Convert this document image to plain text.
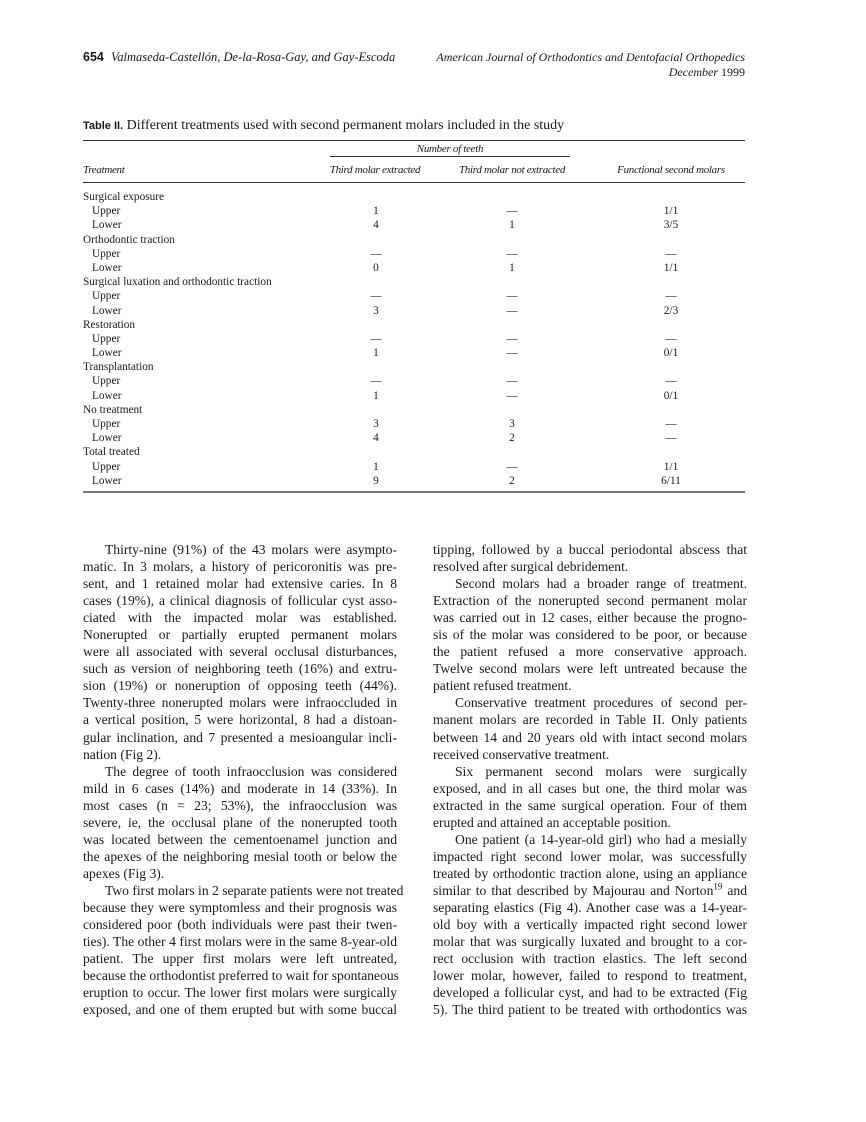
654 Valmaseda-Castellón, De-la-Rosa-Gay, and Gay-Escoda	American Journal of Orthodontics and Dentofacial Orthopedics
December 1999
Table II. Different treatments used with second permanent molars included in the study
Number of teeth
Treatment	Third molar extracted	Third molar not extracted	Functional second molars
Surgical exposure
Upper	1	—	1/1
Lower	4	1	3/5
Orthodontic traction
Upper	—	—	—
Lower	0	1	1/1
Surgical luxation and orthodontic traction
Upper	—	—	—
Lower	3	—	2/3
Restoration
Upper	—	—	—
Lower	1	—	0/1
Transplantation
Upper	—	—	—
Lower	1	—	0/1
No treatment
Upper	3	3	—
Lower	4	2	—
Total treated
Upper	1	—	1/1
Lower	9	2	6/11
Thirty-nine (91%) of the 43 molars were asympto-
matic. In 3 molars, a history of pericoronitis was pre-
sent, and 1 retained molar had extensive caries. In 8
cases (19%), a clinical diagnosis of follicular cyst asso-
ciated with the impacted molar was established.
Nonerupted or partially erupted permanent molars
were all associated with several occlusal disturbances,
such as version of neighboring teeth (16%) and extru-
sion (19%) or noneruption of opposing teeth (44%).
Twenty-three nonerupted molars were infraoccluded in
a vertical position, 5 were horizontal, 8 had a distoan-
gular inclination, and 7 presented a mesioangular incli-
nation (Fig 2).
The degree of tooth infraocclusion was considered
mild in 6 cases (14%) and moderate in 14 (33%). In
most cases (n = 23; 53%), the infraocclusion was
severe, ie, the occlusal plane of the nonerupted tooth
was located between the cementoenamel junction and
the apexes of the neighboring mesial tooth or below the
apexes (Fig 3).
Two first molars in 2 separate patients were not treated
because they were symptomless and their prognosis was
considered poor (both individuals were past their twen-
ties). The other 4 first molars were in the same 8-year-old
patient. The upper first molars were left untreated,
because the orthodontist preferred to wait for spontaneous
eruption to occur. The lower first molars were surgically
exposed, and one of them erupted but with some buccal
tipping, followed by a buccal periodontal abscess that
resolved after surgical debridement.
Second molars had a broader range of treatment.
Extraction of the nonerupted second permanent molar
was carried out in 12 cases, either because the progno-
sis of the molar was considered to be poor, or because
the patient refused a more conservative approach.
Twelve second molars were left untreated because the
patient refused treatment.
Conservative treatment procedures of second per-
manent molars are recorded in Table II. Only patients
between 14 and 20 years old with intact second molars
received conservative treatment.
Six permanent second molars were surgically
exposed, and in all cases but one, the third molar was
extracted in the same surgical operation. Four of them
erupted and attained an acceptable position.
One patient (a 14-year-old girl) who had a mesially
impacted right second lower molar, was successfully
treated by orthodontic traction alone, using an appliance
similar to that described by Majourau and Norton$^{19}$ and
separating elastics (Fig 4). Another case was a 14-year-
old boy with a vertically impacted right second lower
molar that was surgically luxated and brought to a cor-
rect occlusion with traction elastics. The left second
lower molar, however, failed to respond to treatment,
developed a follicular cyst, and had to be extracted (Fig
5). The third patient to be treated with orthodontics was
